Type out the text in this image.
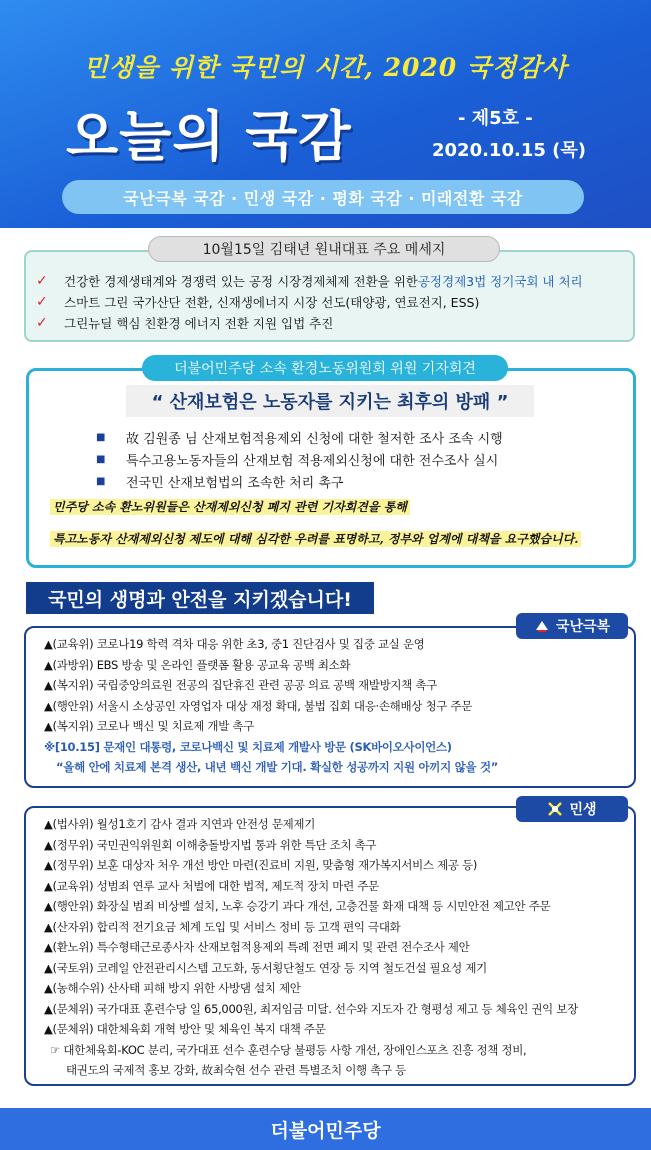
민생을 위한 국민의 시간, 2020 국정감사
오늘의 국감	- 제5호 -
2020.10.15 (목)
국난극복 국감 · 민생 국감 · 평화 국감 · 미래전환 국감
10월15일 김태년 원내대표 주요 메세지
✓	건강한 경제생태계와 경쟁력 있는 공정 시장경제체제 전환을 위한 공정경제3법 정기국회 내 처리
✓	스마트 그린 국가산단 전환, 신재생에너지 시장 선도(태양광, 연료전지, ESS)
✓	그린뉴딜 핵심 친환경 에너지 전환 지원 입법 추진
더불어민주당 소속 환경노동위원회 위원 기자회견
“ 산재보험은 노동자를 지키는 최후의 방패 ”
■	故 김원종 님 산재보험적용제외 신청에 대한 철저한 조사 조속 시행
■	특수고용노동자들의 산재보험 적용제외신청에 대한 전수조사 실시
■	전국민 산재보험법의 조속한 처리 촉구
민주당 소속 환노위원들은 산재제외신청 폐지 관련 기자회견을 통해
특고노동자 산재제외신청 제도에 대해 심각한 우려를 표명하고, 정부와 업계에 대책을 요구했습니다.
국민의 생명과 안전을 지키겠습니다!
국난극복
▲(교육위) 코로나19 학력 격차 대응 위한 초3, 중1 진단검사 및 집중 교실 운영
▲(과방위) EBS 방송 및 온라인 플랫폼 활용 공교육 공백 최소화
▲(복지위) 국립중앙의료원 전공의 집단휴진 관련 공공 의료 공백 재발방지책 촉구
▲(행안위) 서울시 소상공인 자영업자 대상 재정 확대, 불법 집회 대응·손해배상 청구 주문
▲(복지위) 코로나 백신 및 치료제 개발 촉구
※[10.15] 문재인 대통령, 코로나백신 및 치료제 개발사 방문 (SK바이오사이언스)
“올해 안에 치료제 본격 생산, 내년 백신 개발 기대. 확실한 성공까지 지원 아끼지 않을 것”
민생
▲(법사위) 월성1호기 감사 결과 지연과 안전성 문제제기
▲(정무위) 국민권익위원회 이해충돌방지법 통과 위한 특단 조치 촉구
▲(정무위) 보훈 대상자 처우 개선 방안 마련(진료비 지원, 맞춤형 재가복지서비스 제공 등)
▲(교육위) 성범죄 연루 교사 처벌에 대한 법적, 제도적 장치 마련 주문
▲(행안위) 화장실 범죄 비상벨 설치, 노후 승강기 과다 개선, 고층건물 화재 대책 등 시민안전 제고안 주문
▲(산자위) 합리적 전기요금 체계 도입 및 서비스 정비 등 고객 편익 극대화
▲(환노위) 특수형태근로종사자 산재보험적용제외 특례 전면 폐지 및 관련 전수조사 제안
▲(국토위) 코레일 안전관리시스템 고도화, 동서횡단철도 연장 등 지역 철도건설 필요성 제기
▲(농해수위) 산사태 피해 방지 위한 사방댐 설치 제안
▲(문체위) 국가대표 훈련수당 일 65,000원, 최저임금 미달. 선수와 지도자 간 형평성 제고 등 체육인 권익 보장
▲(문체위) 대한체육회 개혁 방안 및 체육인 복지 대책 주문
☞ 대한체육회-KOC 분리, 국가대표 선수 훈련수당 불평등 사항 개선, 장애인스포츠 진흥 정책 정비,
태권도의 국제적 홍보 강화, 故최숙현 선수 관련 특별조치 이행 촉구 등
더불어민주당
